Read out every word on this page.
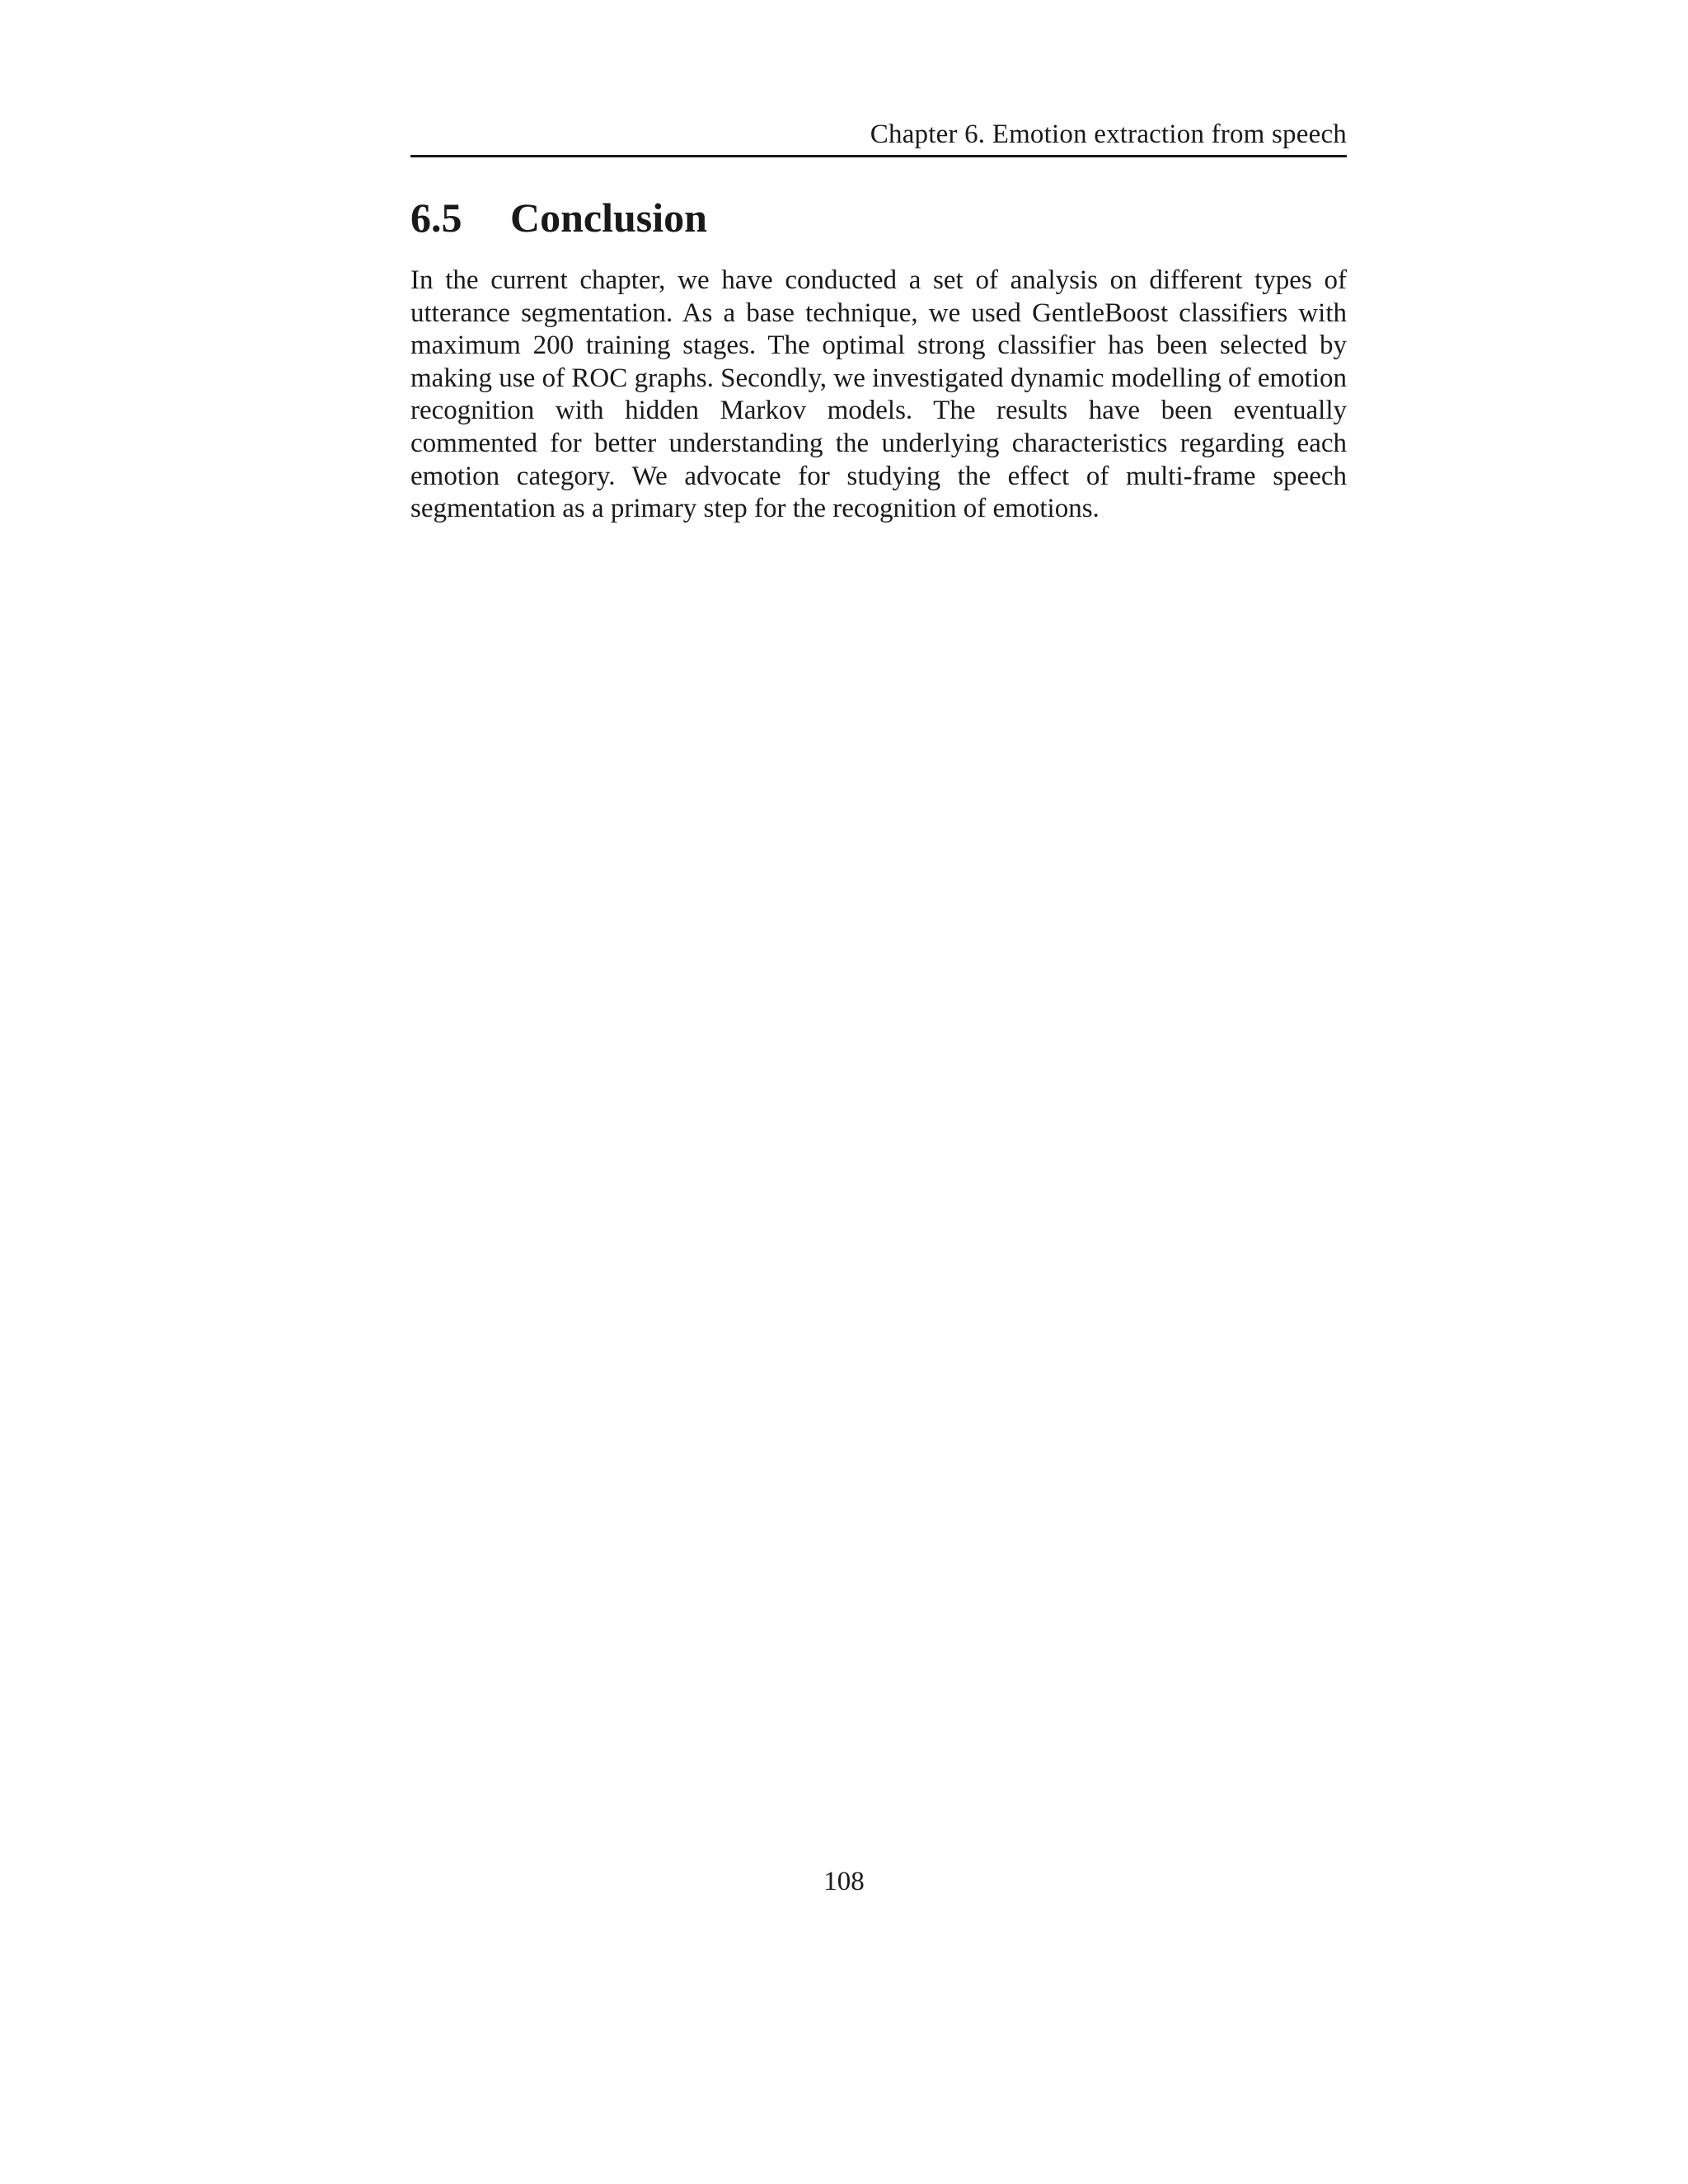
Chapter 6. Emotion extraction from speech
6.5	Conclusion

In the current chapter, we have conducted a set of analysis on different types of utterance segmentation. As a base technique, we used GentleBoost classifiers with maximum 200 training stages. The optimal strong classifier has been selected by making use of ROC graphs. Secondly, we investigated dynamic modelling of emotion recognition with hidden Markov models. The results have been eventually commented for better understanding the underlying characteristics regarding each emotion category. We advocate for studying the effect of multi-frame speech segmentation as a primary step for the recognition of emotions.

108
